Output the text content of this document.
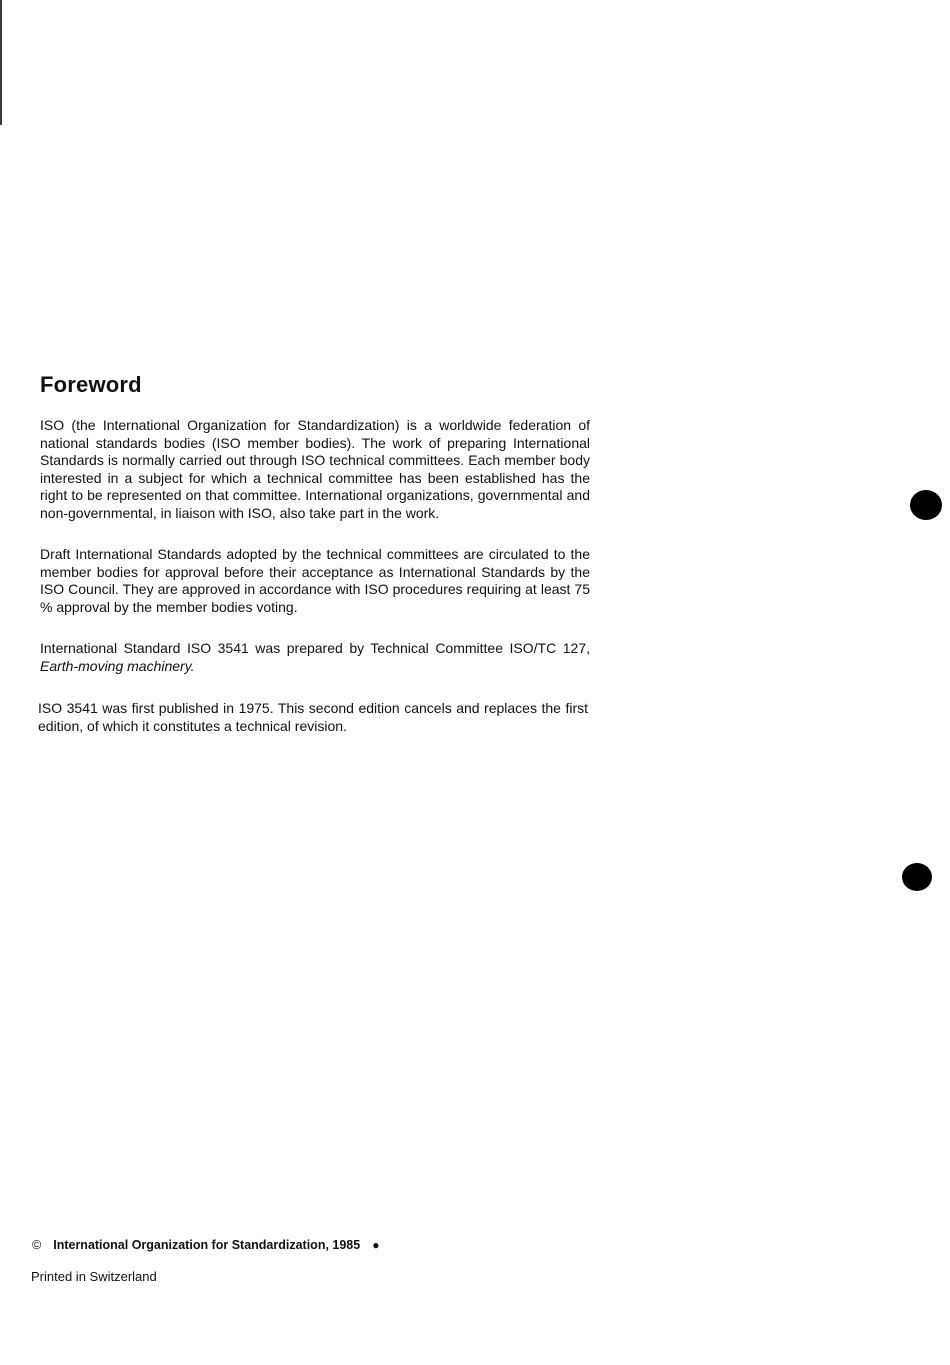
Foreword

ISO (the International Organization for Standardization) is a worldwide federation of national standards bodies (ISO member bodies). The work of preparing International Standards is normally carried out through ISO technical committees. Each member body interested in a subject for which a technical committee has been established has the right to be represented on that committee. International organizations, governmental and non-governmental, in liaison with ISO, also take part in the work.

Draft International Standards adopted by the technical committees are circulated to the member bodies for approval before their acceptance as International Standards by the ISO Council. They are approved in accordance with ISO procedures requiring at least 75 % approval by the member bodies voting.

International Standard ISO 3541 was prepared by Technical Committee ISO/TC 127, Earth-moving machinery.

ISO 3541 was first published in 1975. This second edition cancels and replaces the first edition, of which it constitutes a technical revision.

© International Organization for Standardization, 1985 ●
Printed in Switzerland
